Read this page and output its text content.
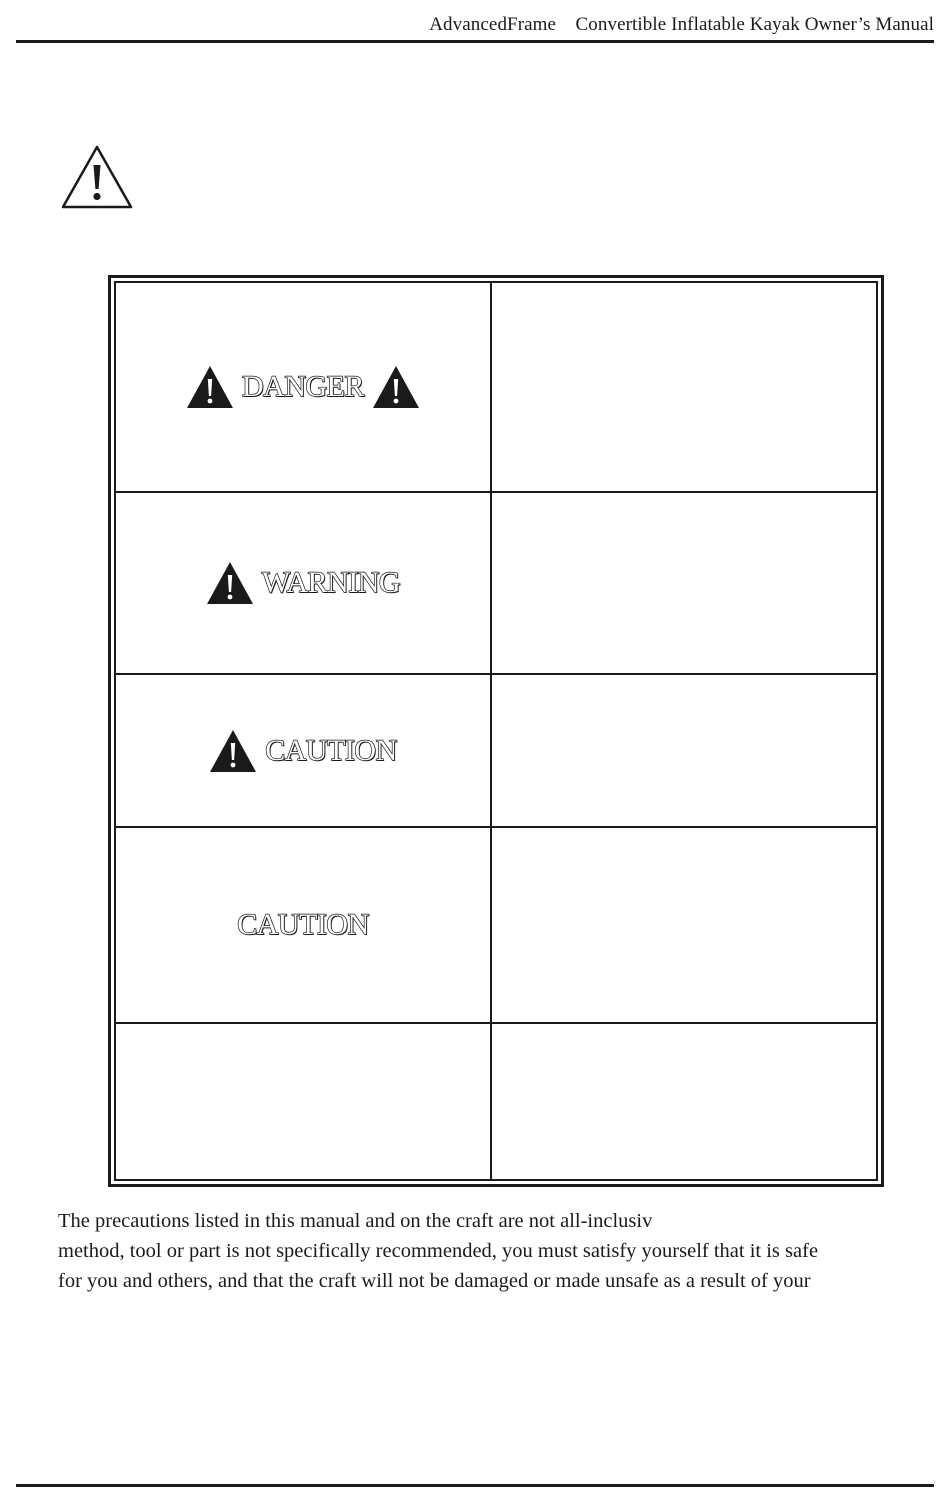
AdvancedFrame    Convertible Inflatable Kayak Owner’s Manual
DANGER
WARNING
CAUTION
CAUTION
The precautions listed in this manual and on the craft are not all-inclusiv
method, tool or part is not specifically recommended, you must satisfy yourself that it is safe
for you and others, and that the craft will not be damaged or made unsafe as a result of your
